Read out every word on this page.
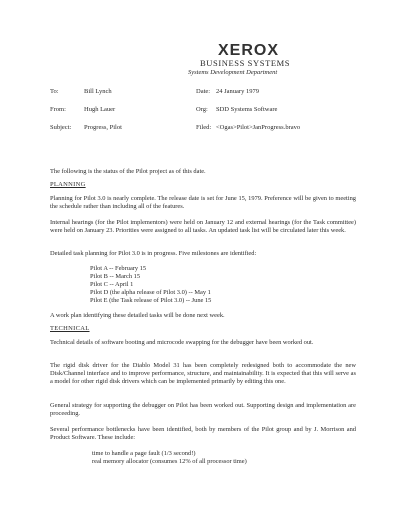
XEROX
BUSINESS SYSTEMS
Systems Development Department
To:	Bill Lynch
From:	Hugh Lauer
Subject: Progress, Pilot
Date: 24 January 1979
Org: SDD Systems Software
Filed: <Ogas>Pilot>JanProgress.bravo
The following is the status of the Pilot project as of this date.
PLANNING
Planning for Pilot 3.0 is nearly complete. The release date is set for June 15, 1979. Preference will be given to meeting the schedule rather than including all of the features.
Internal hearings (for the Pilot implementors) were held on January 12 and external hearings (for the Task committee) were held on January 23. Priorities were assigned to all tasks. An updated task list will be circulated later this week.
Detailed task planning for Pilot 3.0 is in progress. Five milestones are identified:
Pilot A -- February 15
Pilot B -- March 15
Pilot C -- April 1
Pilot D (the alpha release of Pilot 3.0) -- May 1
Pilot E (the Task release of Pilot 3.0) -- June 15
A work plan identifying these detailed tasks will be done next week.
TECHNICAL
Technical details of software booting and microcode swapping for the debugger have been worked out.
The rigid disk driver for the Diablo Model 31 has been completely redesigned both to accommodate the new Disk/Channel interface and to improve performance, structure, and maintainability. It is expected that this will serve as a model for other rigid disk drivers which can be implemented primarily by editing this one.
General strategy for supporting the debugger on Pilot has been worked out. Supporting design and implementation are proceeding.
Several performance bottlenecks have been identified, both by members of the Pilot group and by J. Morrison and Product Software. These include:
time to handle a page fault (1/3 second!)
real memory allocator (consumes 12% of all processor time)
